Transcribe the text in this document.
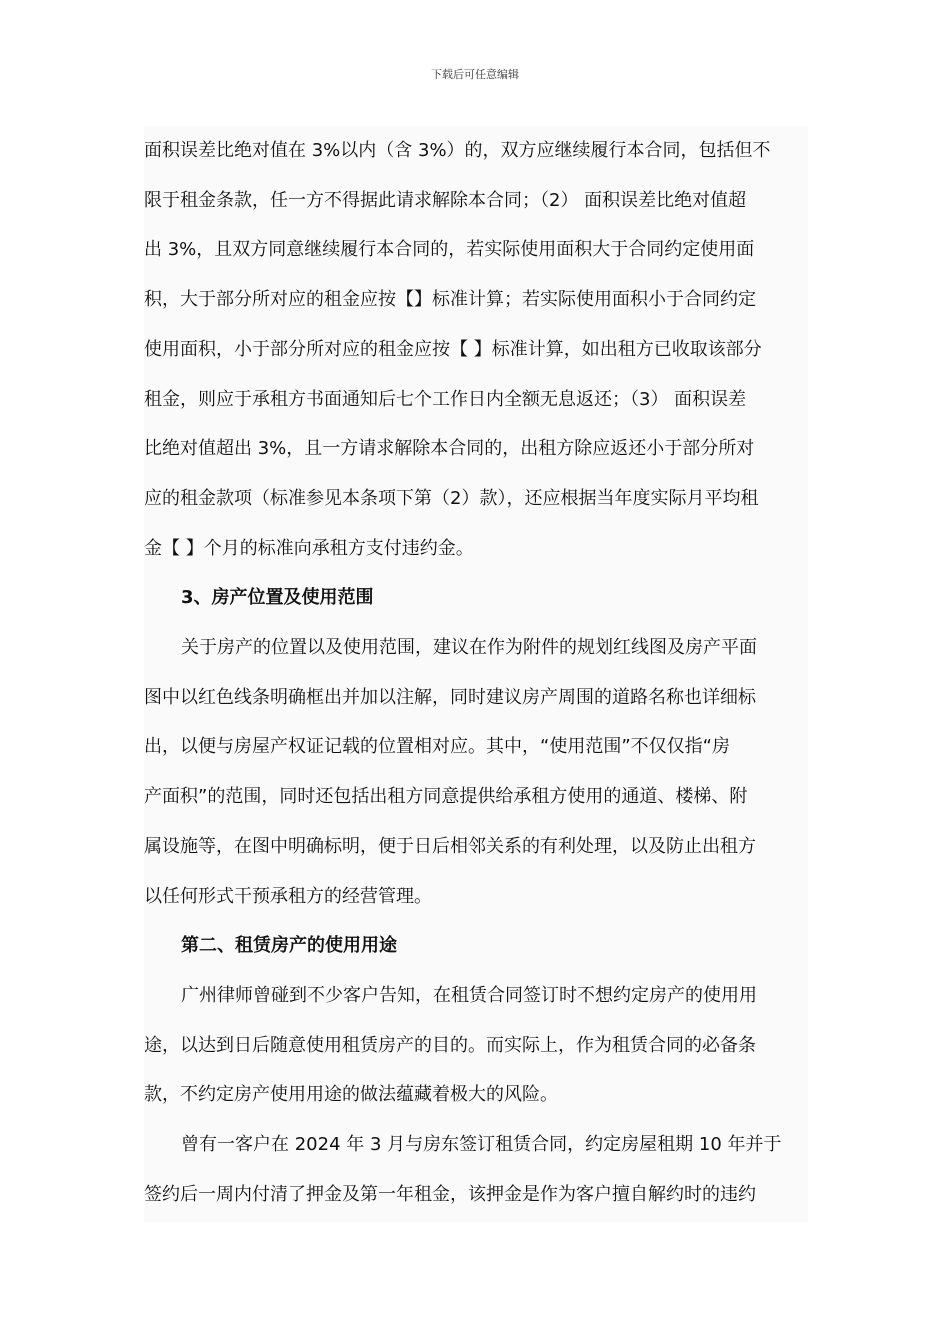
下载后可任意编辑
面积误差比绝对值在 3%以内（含 3%）的，双方应继续履行本合同，包括但不
限于租金条款，任一方不得据此请求解除本合同；（2） 面积误差比绝对值超
出 3%，且双方同意继续履行本合同的，若实际使用面积大于合同约定使用面
积，大于部分所对应的租金应按【】标准计算；若实际使用面积小于合同约定
使用面积，小于部分所对应的租金应按【 】标准计算，如出租方已收取该部分
租金，则应于承租方书面通知后七个工作日内全额无息返还；（3） 面积误差
比绝对值超出 3%，且一方请求解除本合同的，出租方除应返还小于部分所对
应的租金款项（标准参见本条项下第（2）款），还应根据当年度实际月平均租
金【 】个月的标准向承租方支付违约金。
3、房产位置及使用范围
关于房产的位置以及使用范围，建议在作为附件的规划红线图及房产平面
图中以红色线条明确框出并加以注解，同时建议房产周围的道路名称也详细标
出，以便与房屋产权证记载的位置相对应。其中，“使用范围”不仅仅指“房
产面积”的范围，同时还包括出租方同意提供给承租方使用的通道、楼梯、附
属设施等，在图中明确标明，便于日后相邻关系的有利处理，以及防止出租方
以任何形式干预承租方的经营管理。
第二、租赁房产的使用用途
广州律师曾碰到不少客户告知，在租赁合同签订时不想约定房产的使用用
途，以达到日后随意使用租赁房产的目的。而实际上，作为租赁合同的必备条
款，不约定房产使用用途的做法蕴藏着极大的风险。
曾有一客户在 2024 年 3 月与房东签订租赁合同，约定房屋租期 10 年并于
签约后一周内付清了押金及第一年租金，该押金是作为客户擅自解约时的违约
